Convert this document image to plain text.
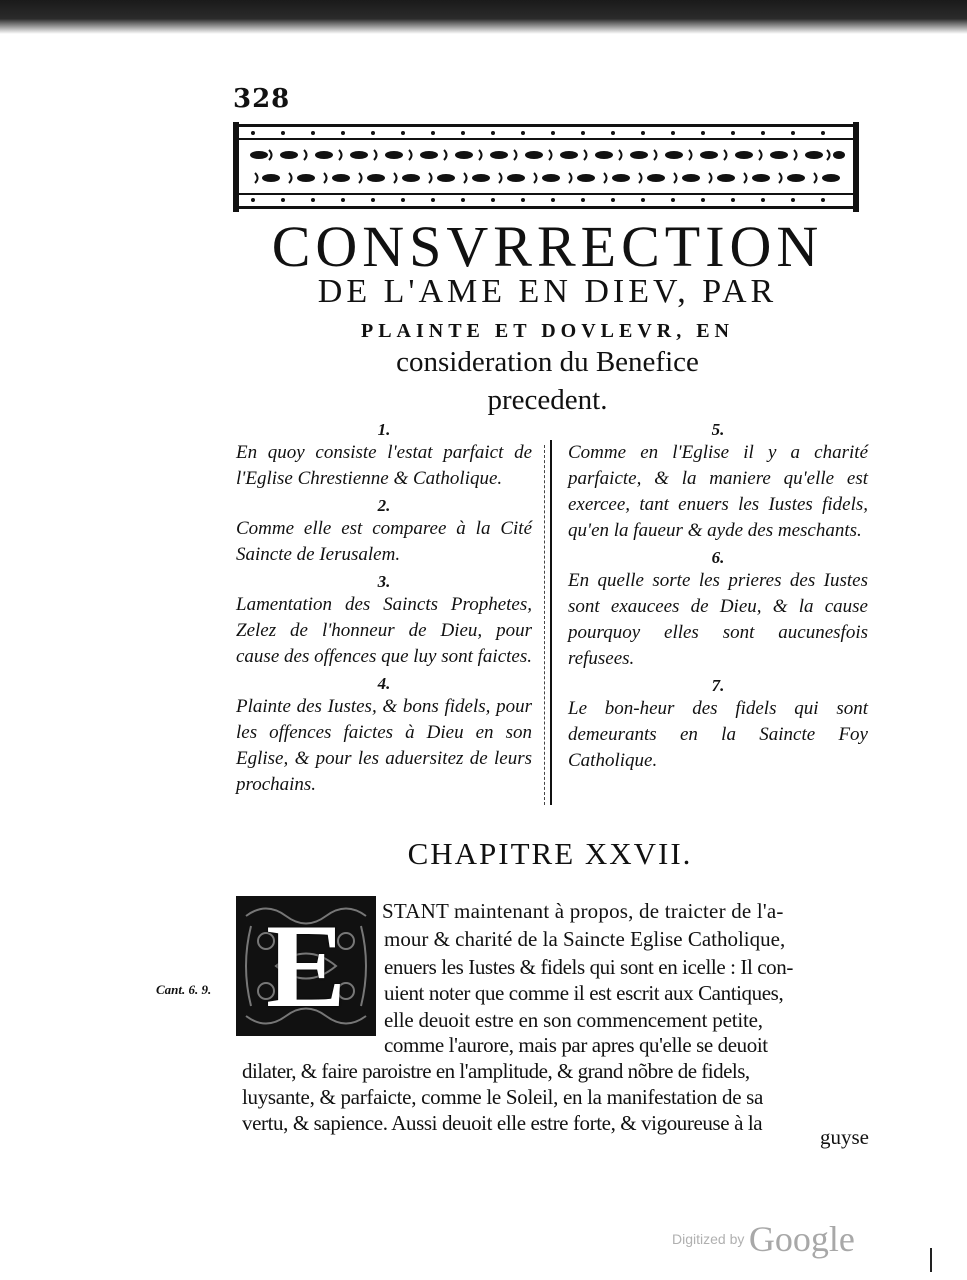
328
CONSVRRECTION
DE L'AME EN DIEV, PAR
PLAINTE ET DOVLEVR, EN
consideration du Benefice
precedent.
1.
En quoy consiste l'estat parfaict de l'Eglise Chrestienne & Catholique.
2.
Comme elle est comparee à la Cité Saincte de Ierusalem.
3.
Lamentation des Saincts Prophetes, Zelez de l'honneur de Dieu, pour cause des offences que luy sont faictes.
4.
Plainte des Iustes, & bons fidels, pour les offences faictes à Dieu en son Eglise, & pour les aduersitez de leurs prochains.
5.
Comme en l'Eglise il y a charité parfaicte, & la maniere qu'elle est exercee, tant enuers les Iustes fidels, qu'en la faueur & ayde des meschants.
6.
En quelle sorte les prieres des Iustes sont exaucees de Dieu, & la cause pourquoy elles sont aucunesfois refusees.
7.
Le bon-heur des fidels qui sont demeurants en la Saincte Foy Catholique.
CHAPITRE XXVII.
E
Cant. 6. 9.
STANT maintenant à propos, de traicter de l'a-
mour & charité de la Saincte Eglise Catholique,
enuers les Iustes & fidels qui sont en icelle : Il con-
uient noter que comme il est escrit aux Cantiques,
elle deuoit estre en son commencement petite,
comme l'aurore, mais par apres qu'elle se deuoit
dilater, & faire paroistre en l'amplitude, & grand nõbre de fidels,
luysante, & parfaicte, comme le Soleil, en la manifestation de sa
vertu, & sapience. Aussi deuoit elle estre forte, & vigoureuse à la
guyse
Digitized by Google
